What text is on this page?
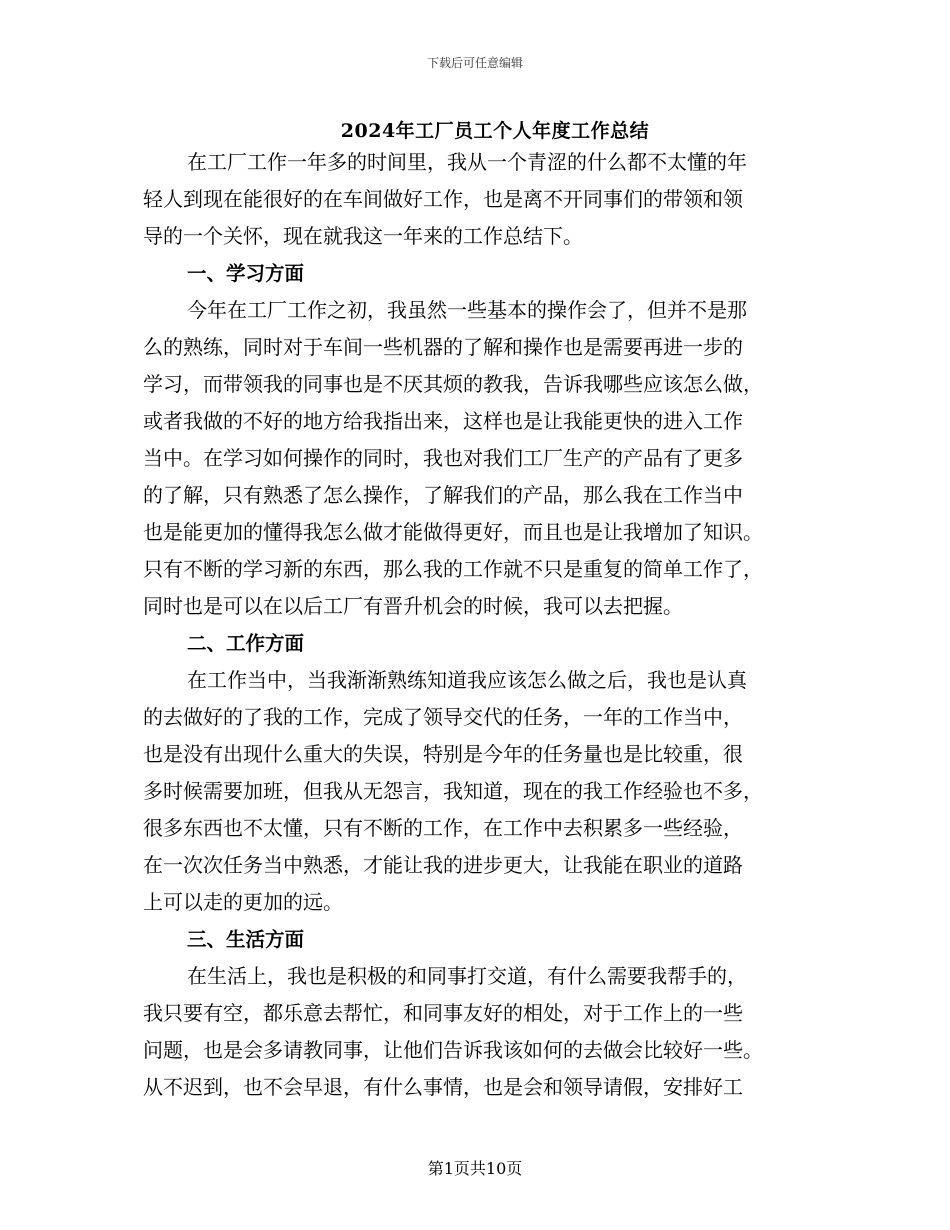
下载后可任意编辑
2024年工厂员工个人年度工作总结
在工厂工作一年多的时间里，我从一个青涩的什么都不太懂的年
轻人到现在能很好的在车间做好工作，也是离不开同事们的带领和领
导的一个关怀，现在就我这一年来的工作总结下。
一、学习方面
今年在工厂工作之初，我虽然一些基本的操作会了，但并不是那
么的熟练，同时对于车间一些机器的了解和操作也是需要再进一步的
学习，而带领我的同事也是不厌其烦的教我，告诉我哪些应该怎么做，
或者我做的不好的地方给我指出来，这样也是让我能更快的进入工作
当中。在学习如何操作的同时，我也对我们工厂生产的产品有了更多
的了解，只有熟悉了怎么操作，了解我们的产品，那么我在工作当中
也是能更加的懂得我怎么做才能做得更好，而且也是让我增加了知识。
只有不断的学习新的东西，那么我的工作就不只是重复的简单工作了，
同时也是可以在以后工厂有晋升机会的时候，我可以去把握。
二、工作方面
在工作当中，当我渐渐熟练知道我应该怎么做之后，我也是认真
的去做好的了我的工作，完成了领导交代的任务，一年的工作当中，
也是没有出现什么重大的失误，特别是今年的任务量也是比较重，很
多时候需要加班，但我从无怨言，我知道，现在的我工作经验也不多，
很多东西也不太懂，只有不断的工作，在工作中去积累多一些经验，
在一次次任务当中熟悉，才能让我的进步更大，让我能在职业的道路
上可以走的更加的远。
三、生活方面
在生活上，我也是积极的和同事打交道，有什么需要我帮手的，
我只要有空，都乐意去帮忙，和同事友好的相处，对于工作上的一些
问题，也是会多请教同事，让他们告诉我该如何的去做会比较好一些。
从不迟到，也不会早退，有什么事情，也是会和领导请假，安排好工
第1页共10页
